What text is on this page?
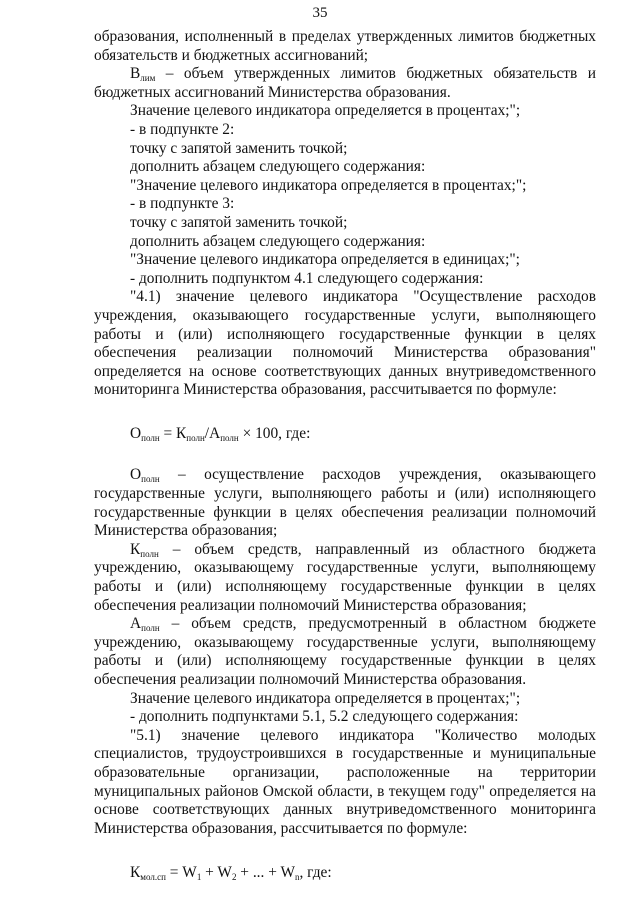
35

образования, исполненный в пределах утвержденных лимитов бюджетных обязательств и бюджетных ассигнований;

$В_{лим}$ – объем утвержденных лимитов бюджетных обязательств и бюджетных ассигнований Министерства образования.

Значение целевого индикатора определяется в процентах;";

- в подпункте 2:

точку с запятой заменить точкой;

дополнить абзацем следующего содержания:

"Значение целевого индикатора определяется в процентах;";

- в подпункте 3:

точку с запятой заменить точкой;

дополнить абзацем следующего содержания:

"Значение целевого индикатора определяется в единицах;";

- дополнить подпунктом 4.1 следующего содержания:

"4.1) значение целевого индикатора "Осуществление расходов учреждения, оказывающего государственные услуги, выполняющего работы и (или) исполняющего государственные функции в целях обеспечения реализации полномочий Министерства образования" определяется на основе соответствующих данных внутриведомственного мониторинга Министерства образования, рассчитывается по формуле:

$О_{полн} = К_{полн}/А_{полн} \times 100$, где:

$О_{полн}$ – осуществление расходов учреждения, оказывающего государственные услуги, выполняющего работы и (или) исполняющего государственные функции в целях обеспечения реализации полномочий Министерства образования;

$К_{полн}$ – объем средств, направленный из областного бюджета учреждению, оказывающему государственные услуги, выполняющему работы и (или) исполняющему государственные функции в целях обеспечения реализации полномочий Министерства образования;

$А_{полн}$ – объем средств, предусмотренный в областном бюджете учреждению, оказывающему государственные услуги, выполняющему работы и (или) исполняющему государственные функции в целях обеспечения реализации полномочий Министерства образования.

Значение целевого индикатора определяется в процентах;";

- дополнить подпунктами 5.1, 5.2 следующего содержания:

"5.1) значение целевого индикатора "Количество молодых специалистов, трудоустроившихся в государственные и муниципальные образовательные организации, расположенные на территории муниципальных районов Омской области, в текущем году" определяется на основе соответствующих данных внутриведомственного мониторинга Министерства образования, рассчитывается по формуле:

$К_{мол.сп} = W_1 + W_2$ + ... + $W_n$, где:
